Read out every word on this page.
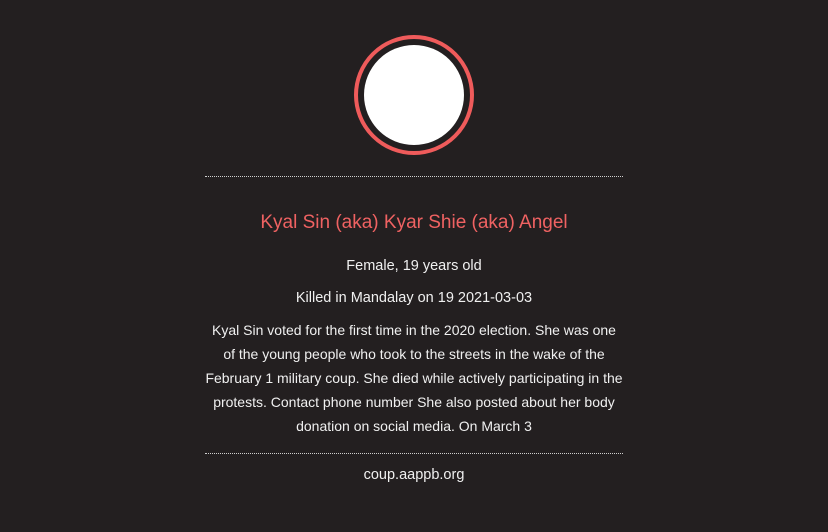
Kyal Sin (aka) Kyar Shie (aka) Angel
Female, 19 years old
Killed in Mandalay on 19 2021-03-03
Kyal Sin voted for the first time in the 2020 election. She was one of the young people who took to the streets in the wake of the February 1 military coup. She died while actively participating in the protests. Contact phone number She also posted about her body donation on social media. On March 3
coup.aappb.org
